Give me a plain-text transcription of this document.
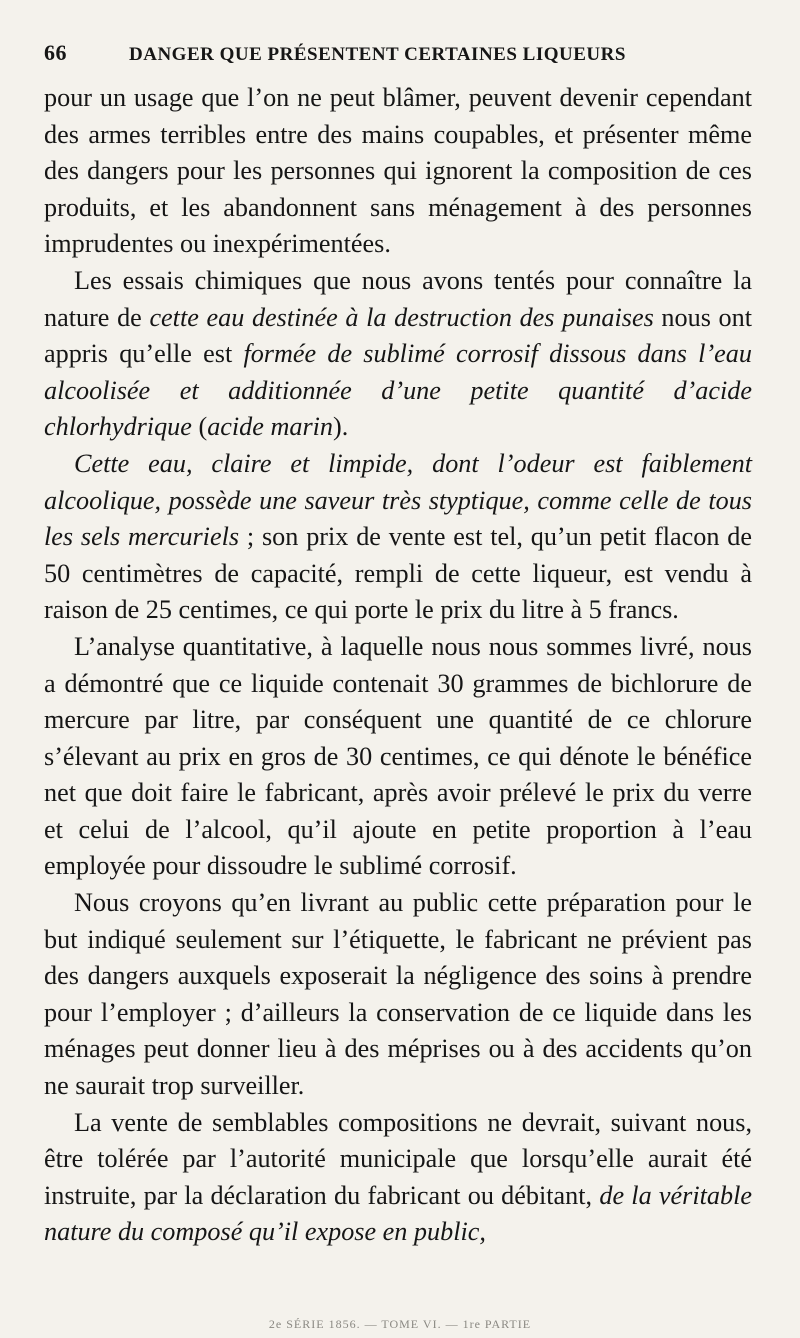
66	DANGER QUE PRÉSENTENT CERTAINES LIQUEURS

pour un usage que l’on ne peut blâmer, peuvent devenir cependant des armes terribles entre des mains coupables, et présenter même des dangers pour les personnes qui ignorent la composition de ces produits, et les abandonnent sans ménagement à des personnes imprudentes ou inexpérimentées.

Les essais chimiques que nous avons tentés pour connaître la nature de cette eau destinée à la destruction des punaises nous ont appris qu’elle est formée de sublimé corrosif dissous dans l’eau alcoolisée et additionnée d’une petite quantité d’acide chlorhydrique (acide marin).

Cette eau, claire et limpide, dont l’odeur est faiblement alcoolique, possède une saveur très styptique, comme celle de tous les sels mercuriels ; son prix de vente est tel, qu’un petit flacon de 50 centimètres de capacité, rempli de cette liqueur, est vendu à raison de 25 centimes, ce qui porte le prix du litre à 5 francs.

L’analyse quantitative, à laquelle nous nous sommes livré, nous a démontré que ce liquide contenait 30 grammes de bichlorure de mercure par litre, par conséquent une quantité de ce chlorure s’élevant au prix en gros de 30 centimes, ce qui dénote le bénéfice net que doit faire le fabricant, après avoir prélevé le prix du verre et celui de l’alcool, qu’il ajoute en petite proportion à l’eau employée pour dissoudre le sublimé corrosif.

Nous croyons qu’en livrant au public cette préparation pour le but indiqué seulement sur l’étiquette, le fabricant ne prévient pas des dangers auxquels exposerait la négligence des soins à prendre pour l’employer ; d’ailleurs la conservation de ce liquide dans les ménages peut donner lieu à des méprises ou à des accidents qu’on ne saurait trop surveiller.

La vente de semblables compositions ne devrait, suivant nous, être tolérée par l’autorité municipale que lorsqu’elle aurait été instruite, par la déclaration du fabricant ou débitant, de la véritable nature du composé qu’il expose en public,

2e SÉRIE 1856. — TOME VI. — 1re PARTIE
